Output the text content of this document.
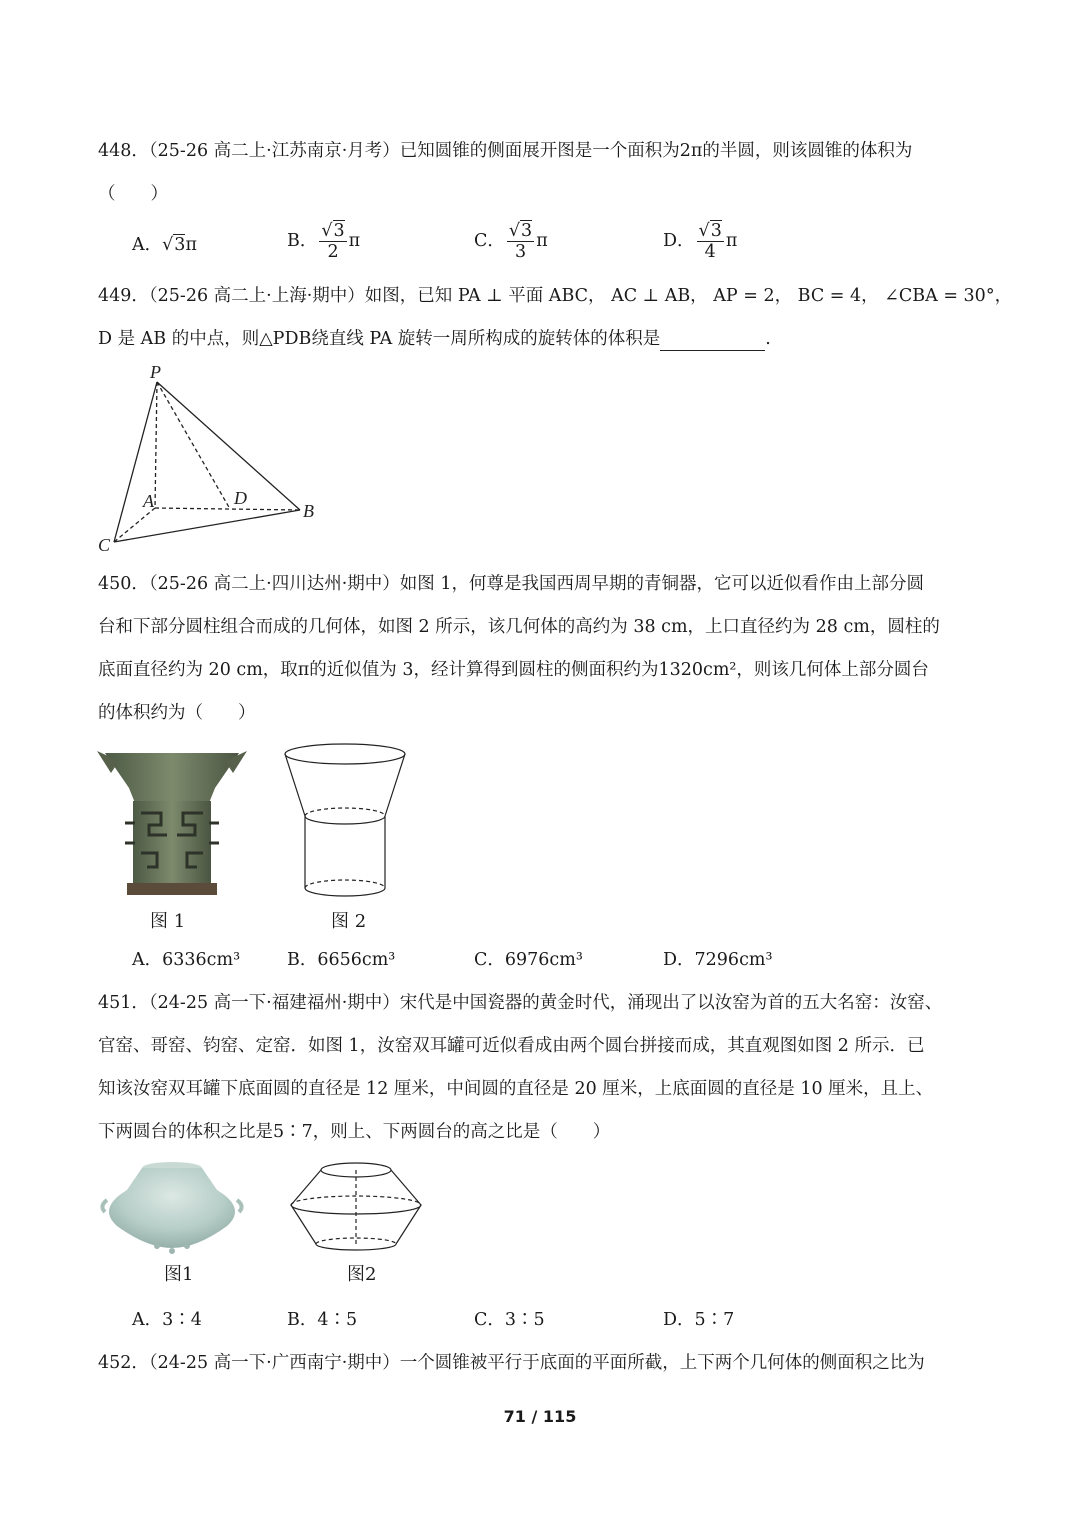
448．（25-26 高二上·江苏南京·月考）已知圆锥的侧面展开图是一个面积为2π的半圆，则该圆锥的体积为
（　　）
A．√3π	B． $\frac{√3}{2}$ π	C． $\frac{√3}{3}$ π	D． $\frac{√3}{4}$ π
449．（25-26 高二上·上海·期中）如图，已知 PA ⊥ 平面 ABC， AC ⊥ AB， AP = 2， BC = 4， ∠CBA = 30°，
D 是 AB 的中点，则△PDB绕直线 PA 旋转一周所构成的旋转体的体积是	.
P
A	D
B
C
450．（25-26 高二上·四川达州·期中）如图 1，何尊是我国西周早期的青铜器，它可以近似看作由上部分圆
台和下部分圆柱组合而成的几何体，如图 2 所示，该几何体的高约为 38 cm，上口直径约为 28 cm，圆柱的
底面直径约为 20 cm，取π的近似值为 3，经计算得到圆柱的侧面积约为1320cm²，则该几何体上部分圆台
的体积约为（　　）
图 1	图 2
A．6336cm³	B．6656cm³	C．6976cm³	D．7296cm³
451．（24-25 高一下·福建福州·期中）宋代是中国瓷器的黄金时代，涌现出了以汝窑为首的五大名窑：汝窑、
官窑、哥窑、钧窑、定窑．如图 1，汝窑双耳罐可近似看成由两个圆台拼接而成，其直观图如图 2 所示．已
知该汝窑双耳罐下底面圆的直径是 12 厘米，中间圆的直径是 20 厘米，上底面圆的直径是 10 厘米，且上、
下两圆台的体积之比是5∶7，则上、下两圆台的高之比是（　　）
图1	图2
A．3∶4	B．4∶5	C．3∶5	D．5∶7
452．（24-25 高一下·广西南宁·期中）一个圆锥被平行于底面的平面所截，上下两个几何体的侧面积之比为
71 / 115
